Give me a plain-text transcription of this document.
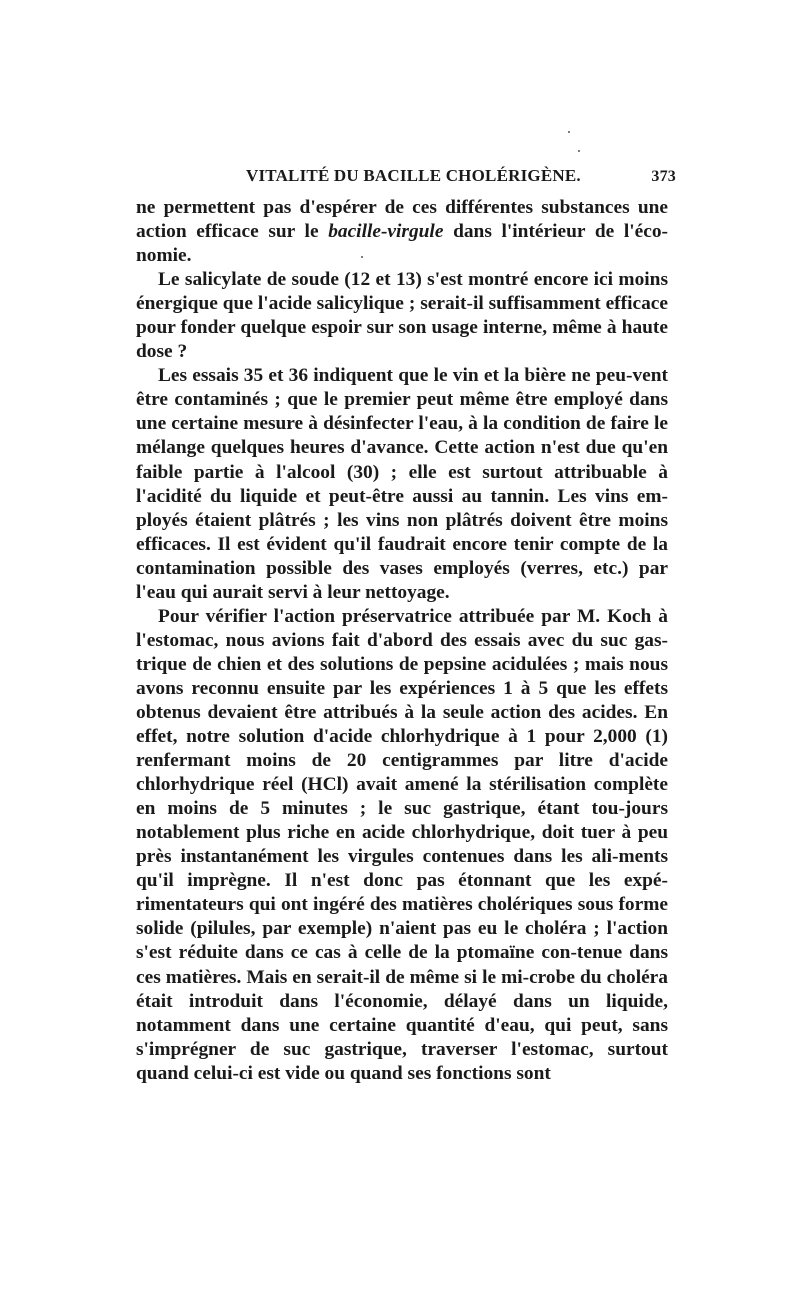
VITALITÉ DU BACILLE CHOLÉRIGÈNE.	373

ne permettent pas d'espérer de ces différentes substances une action efficace sur le bacille-virgule dans l'intérieur de l'éco-nomie.

Le salicylate de soude (12 et 13) s'est montré encore ici moins énergique que l'acide salicylique ; serait-il suffisamment efficace pour fonder quelque espoir sur son usage interne, même à haute dose ?

Les essais 35 et 36 indiquent que le vin et la bière ne peu-vent être contaminés ; que le premier peut même être employé dans une certaine mesure à désinfecter l'eau, à la condition de faire le mélange quelques heures d'avance. Cette action n'est due qu'en faible partie à l'alcool (30) ; elle est surtout attribuable à l'acidité du liquide et peut-être aussi au tannin. Les vins em-ployés étaient plâtrés ; les vins non plâtrés doivent être moins efficaces. Il est évident qu'il faudrait encore tenir compte de la contamination possible des vases employés (verres, etc.) par l'eau qui aurait servi à leur nettoyage.

Pour vérifier l'action préservatrice attribuée par M. Koch à l'estomac, nous avions fait d'abord des essais avec du suc gas-trique de chien et des solutions de pepsine acidulées ; mais nous avons reconnu ensuite par les expériences 1 à 5 que les effets obtenus devaient être attribués à la seule action des acides. En effet, notre solution d'acide chlorhydrique à 1 pour 2,000 (1) renfermant moins de 20 centigrammes par litre d'acide chlorhydrique réel (HCl) avait amené la stérilisation complète en moins de 5 minutes ; le suc gastrique, étant tou-jours notablement plus riche en acide chlorhydrique, doit tuer à peu près instantanément les virgules contenues dans les ali-ments qu'il imprègne. Il n'est donc pas étonnant que les expé-rimentateurs qui ont ingéré des matières cholériques sous forme solide (pilules, par exemple) n'aient pas eu le choléra ; l'action s'est réduite dans ce cas à celle de la ptomaïne con-tenue dans ces matières. Mais en serait-il de même si le mi-crobe du choléra était introduit dans l'économie, délayé dans un liquide, notamment dans une certaine quantité d'eau, qui peut, sans s'imprégner de suc gastrique, traverser l'estomac, surtout quand celui-ci est vide ou quand ses fonctions sont
